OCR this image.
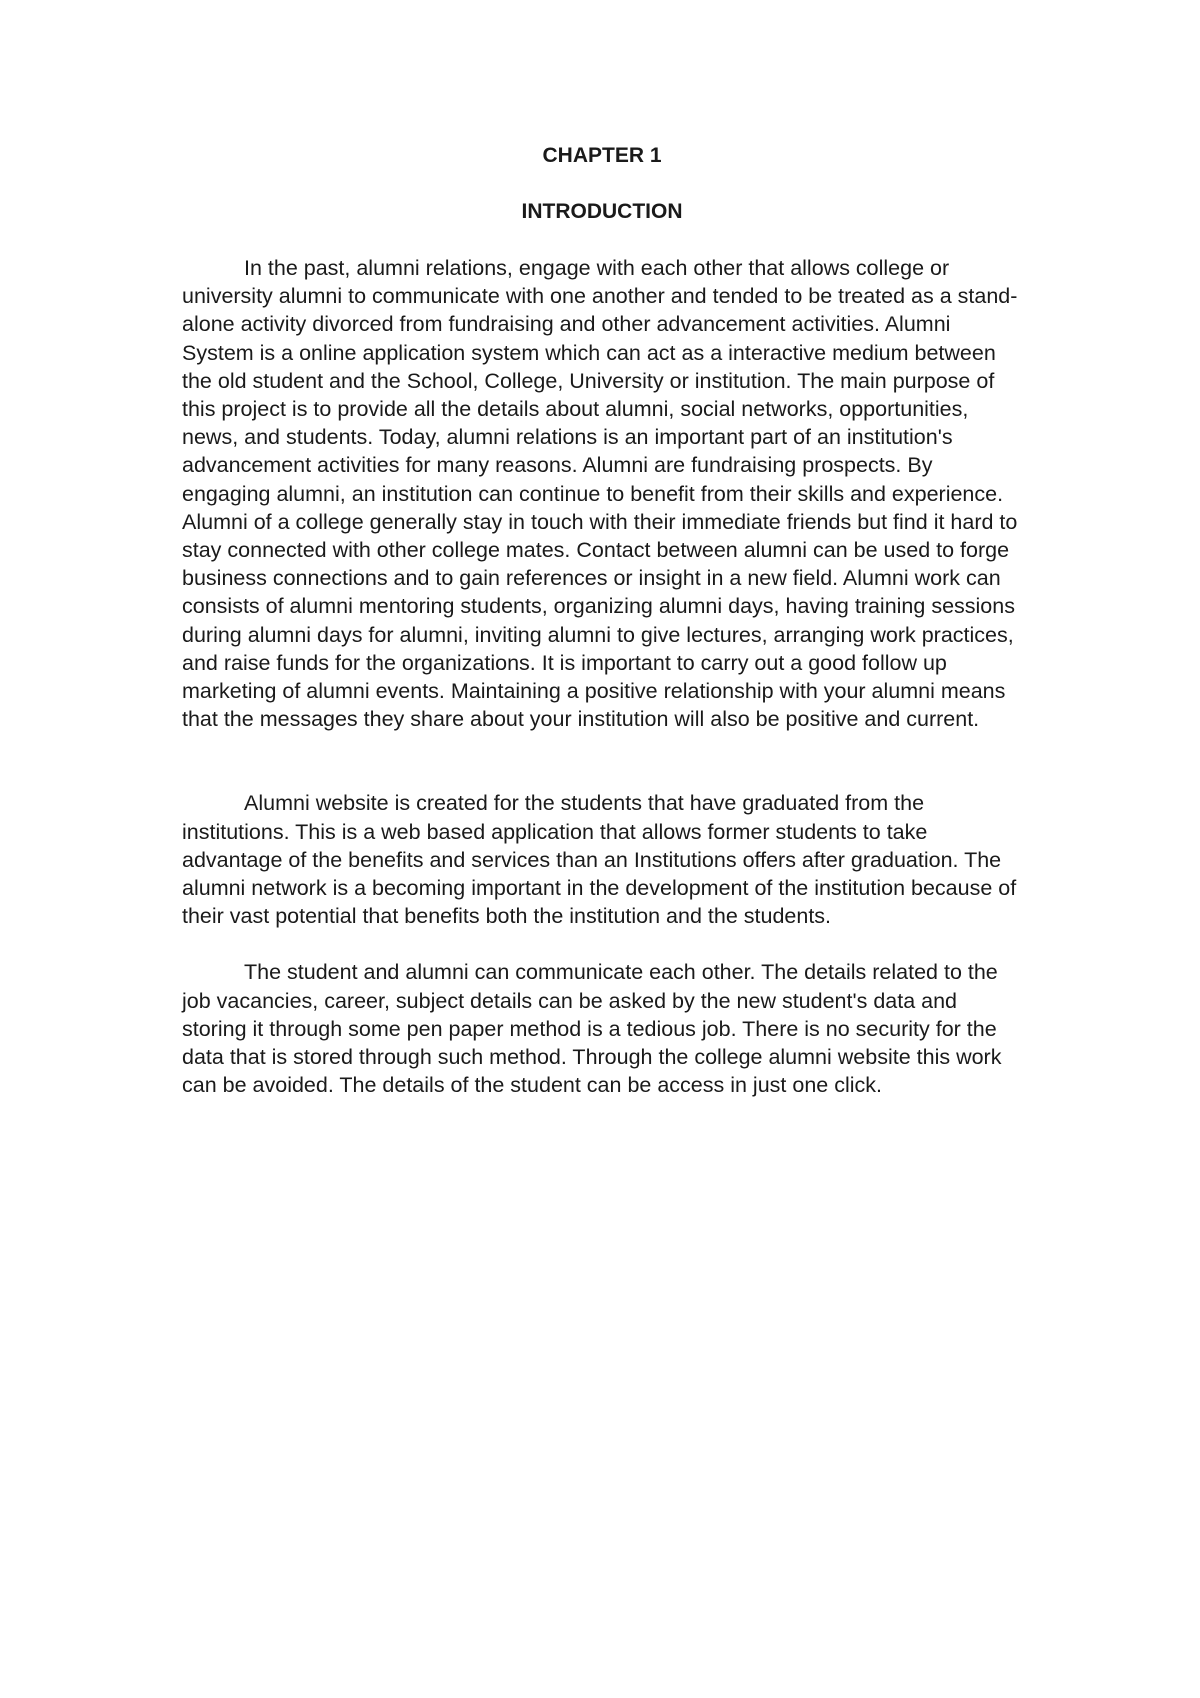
CHAPTER 1
INTRODUCTION

In the past, alumni relations, engage with each other that allows college or university alumni to communicate with one another and tended to be treated as a stand-alone activity divorced from fundraising and other advancement activities. Alumni System is a online application system which can act as a interactive medium between the old student and the School, College, University or institution. The main purpose of this project is to provide all the details about alumni, social networks, opportunities, news, and students. Today, alumni relations is an important part of an institution's advancement activities for many reasons. Alumni are fundraising prospects. By engaging alumni, an institution can continue to benefit from their skills and experience. Alumni of a college generally stay in touch with their immediate friends but find it hard to stay connected with other college mates. Contact between alumni can be used to forge business connections and to gain references or insight in a new field. Alumni work can consists of alumni mentoring students, organizing alumni days, having training sessions during alumni days for alumni, inviting alumni to give lectures, arranging work practices, and raise funds for the organizations. It is important to carry out a good follow up marketing of alumni events. Maintaining a positive relationship with your alumni means that the messages they share about your institution will also be positive and current.

Alumni website is created for the students that have graduated from the institutions. This is a web based application that allows former students to take advantage of the benefits and services than an Institutions offers after graduation. The alumni network is a becoming important in the development of the institution because of their vast potential that benefits both the institution and the students.

The student and alumni can communicate each other. The details related to the job vacancies, career, subject details can be asked by the new student's data and storing it through some pen paper method is a tedious job. There is no security for the data that is stored through such method. Through the college alumni website this work can be avoided. The details of the student can be access in just one click.
